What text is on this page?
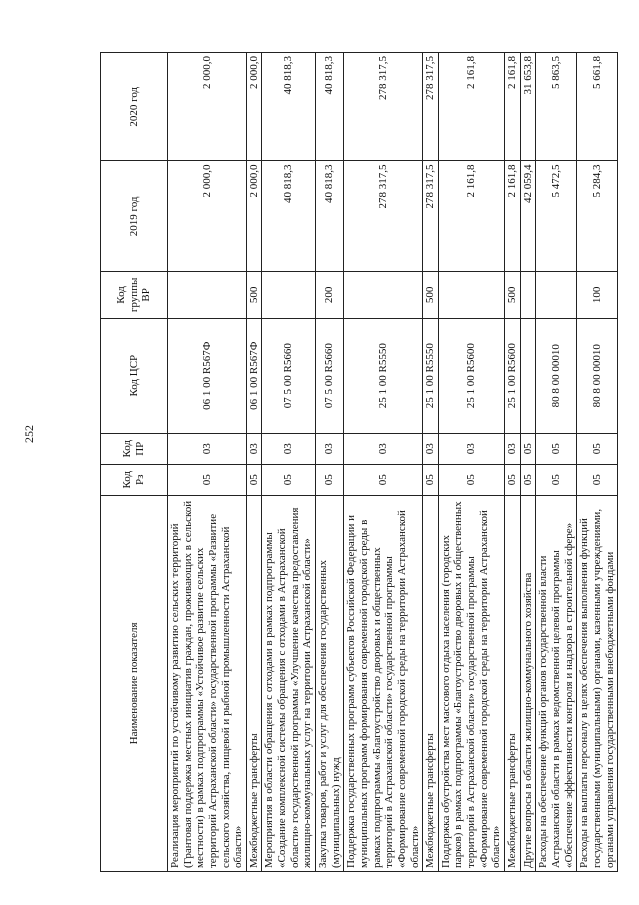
252
Наименование показателя	Код Рз	Код ПР	Код ЦСР	Код группы ВР	2019 год	2020 год
Реализация мероприятий по устойчивому развитию сельских территорий (Грантовая поддержка местных инициатив граждан, проживающих в сельской местности) в рамках подпрограммы «Устойчивое развитие сельских территорий Астраханской области» государственной программы «Развитие сельского хозяйства, пищевой и рыбной промышленности Астраханской области»	05	03	06 1 00 R567Ф		2 000,0	2 000,0
Межбюджетные трансферты	05	03	06 1 00 R567Ф	500	2 000,0	2 000,0
Мероприятия в области обращения с отходами в рамках подпрограммы «Создание комплексной системы обращения с отходами в Астраханской области» государственной программы «Улучшение качества предоставления жилищно-коммунальных услуг на территории Астраханской области»	05	03	07 5 00 R5660		40 818,3	40 818,3
Закупка товаров, работ и услуг для обеспечения государственных (муниципальных) нужд	05	03	07 5 00 R5660	200	40 818,3	40 818,3
Поддержка государственных программ субъектов Российской Федерации и муниципальных программ формирования современной городской среды в рамках подпрограммы «Благоустройство дворовых и общественных территорий в Астраханской области» государственной программы «Формирование современной городской среды на территории Астраханской области»	05	03	25 1 00 R5550		278 317,5	278 317,5
Межбюджетные трансферты	05	03	25 1 00 R5550	500	278 317,5	278 317,5
Поддержка обустройства мест массового отдыха населения (городских парков) в рамках подпрограммы «Благоустройство дворовых и общественных территорий в Астраханской области» государственной программы «Формирование современной городской среды на территории Астраханской области»	05	03	25 1 00 R5600		2 161,8	2 161,8
Межбюджетные трансферты	05	03	25 1 00 R5600	500	2 161,8	2 161,8
Другие вопросы в области жилищно-коммунального хозяйства	05	05			42 059,4	31 653,8
Расходы на обеспечение функций органов государственной власти Астраханской области в рамках ведомственной целевой программы «Обеспечение эффективности контроля и надзора в строительной сфере»	05	05	80 8 00 00010		5 472,5	5 863,5
Расходы на выплаты персоналу в целях обеспечения выполнения функций государственными (муниципальными) органами, казенными учреждениями, органами управления государственными внебюджетными фондами	05	05	80 8 00 00010	100	5 284,3	5 661,8
